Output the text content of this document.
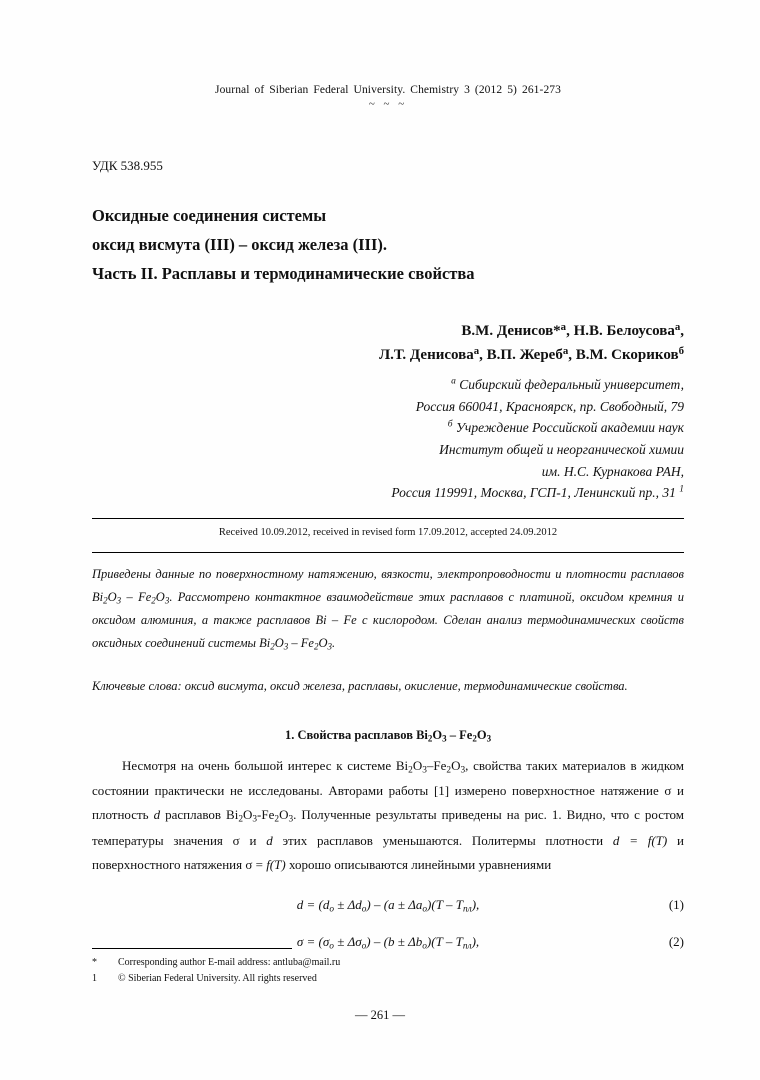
Journal of Siberian Federal University. Chemistry 3 (2012 5) 261-273
~ ~ ~
УДК 538.955
Оксидные соединения системы
оксид висмута (III) – оксид железа (III).
Часть II. Расплавы и термодинамические свойства
В.М. Денисов*$^а$, Н.В. Белоусова$^а$,
Л.Т. Денисова$^а$, В.П. Жереб$^а$, В.М. Скориков$^б$
$^а$ Сибирский федеральный университет,
Россия 660041, Красноярск, пр. Свободный, 79
$^б$ Учреждение Российской академии наук
Институт общей и неорганической химии
им. Н.С. Курнакова РАН,
Россия 119991, Москва, ГСП-1, Ленинский пр., 31 $^1$
Received 10.09.2012, received in revised form 17.09.2012, accepted 24.09.2012
Приведены данные по поверхностному натяжению, вязкости, электропроводности и плотности расплавов $Bi_2O_3 - Fe_2O_3$. Рассмотрено контактное взаимодействие этих расплавов с платиной, оксидом кремния и оксидом алюминия, а также расплавов Bi – Fe с кислородом. Сделан анализ термодинамических свойств оксидных соединений системы $Bi_2O_3 - Fe_2O_3$.
Ключевые слова: оксид висмута, оксид железа, расплавы, окисление, термодинамические свойства.
1. Свойства расплавов $Bi_2O_3 - Fe_2O_3$
Несмотря на очень большой интерес к системе $Bi_2O_3-Fe_2O_3$, свойства таких материалов в жидком состоянии практически не исследованы. Авторами работы [1] измерено поверхностное натяжение σ и плотность d расплавов $Bi_2O_3-Fe_2O_3$. Полученные результаты приведены на рис. 1. Видно, что с ростом температуры значения σ и d этих расплавов уменьшаются. Политермы плотности d = f(T) и поверхностного натяжения σ = f(T) хорошо описываются линейными уравнениями
$d = (d_o \pm \Delta d_o) - (a \pm \Delta a_o)(T - T_{пл})$,	(1)
$\sigma = (\sigma_o \pm \Delta\sigma_o) - (b \pm \Delta b_o)(T - T_{пл})$,	(2)
*	Corresponding author E-mail address: antluba@mail.ru
1	© Siberian Federal University. All rights reserved
— 261 —
